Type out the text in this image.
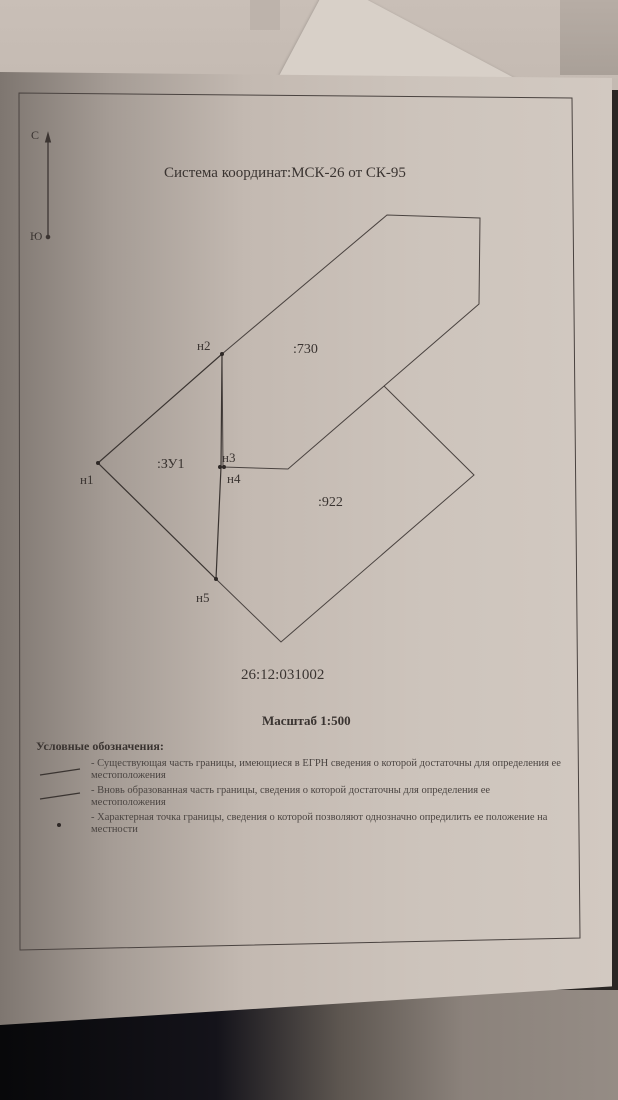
С
Ю
Система координат:МСК-26 от СК-95
н2
н1
н3
н4
н5
:730
:ЗУ1
:922
26:12:031002
Масштаб 1:500
Условные обозначения:
- Существующая часть границы, имеющиеся в ЕГРН сведения о которой достаточны для определения ее местоположения
- Вновь образованная часть границы, сведения о которой достаточны для определения ее местоположения
- Характерная точка границы, сведения о которой позволяют однозначно опредилить ее положение на местности
